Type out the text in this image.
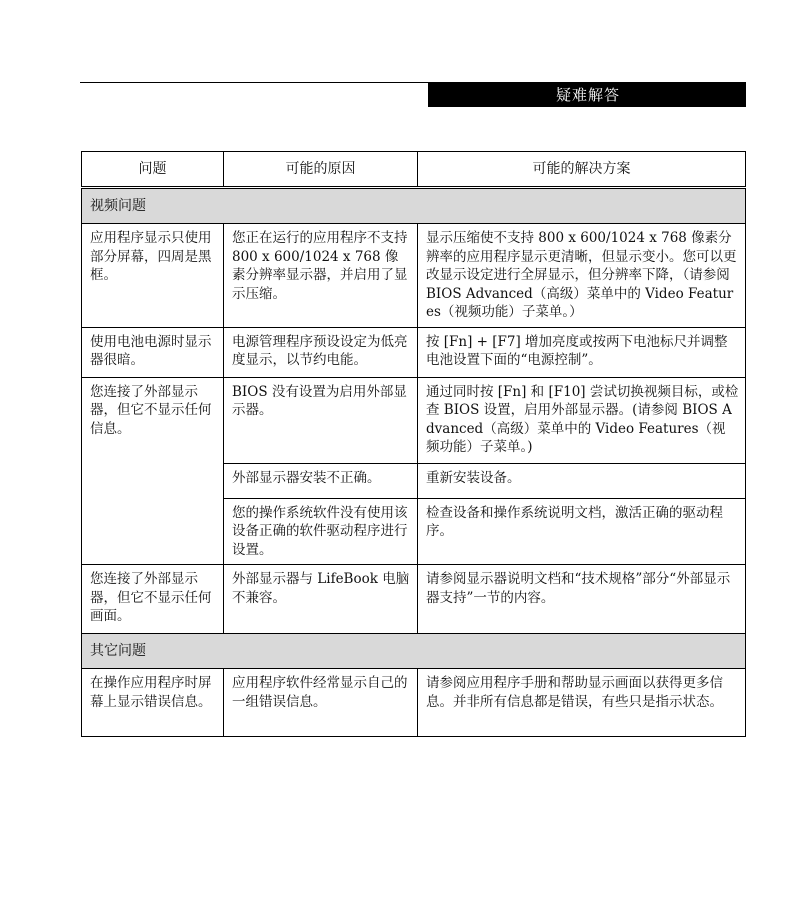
疑难解答
问题	可能的原因	可能的解决方案
视频问题		
应用程序显示只使用部分屏幕，四周是黑框。	您正在运行的应用程序不支持 800 x 600/1024 x 768 像素分辨率显示器，并启用了显示压缩。	显示压缩使不支持 800 x 600/1024 x 768 像素分辨率的应用程序显示更清晰，但显示变小。您可以更改显示设定进行全屏显示，但分辨率下降，（请参阅 BIOS Advanced（高级）菜单中的 Video Features（视频功能）子菜单。）
使用电池电源时显示器很暗。	电源管理程序预设设定为低亮度显示，以节约电能。	按 [Fn] + [F7] 增加亮度或按两下电池标尺并调整电池设置下面的“电源控制”。
您连接了外部显示器，但它不显示任何信息。	BIOS 没有设置为启用外部显示器。	通过同时按 [Fn] 和 [F10] 尝试切换视频目标，或检查 BIOS 设置，启用外部显示器。(请参阅 BIOS Advanced（高级）菜单中的 Video Features（视频功能）子菜单。)
	外部显示器安装不正确。	重新安装设备。
	您的操作系统软件没有使用该设备正确的软件驱动程序进行设置。	检查设备和操作系统说明文档，激活正确的驱动程序。
您连接了外部显示器，但它不显示任何画面。	外部显示器与 LifeBook 电脑不兼容。	请参阅显示器说明文档和“技术规格”部分“外部显示器支持”一节的内容。
其它问题		
在操作应用程序时屏幕上显示错误信息。	应用程序软件经常显示自己的一组错误信息。	请参阅应用程序手册和帮助显示画面以获得更多信息。并非所有信息都是错误，有些只是指示状态。
